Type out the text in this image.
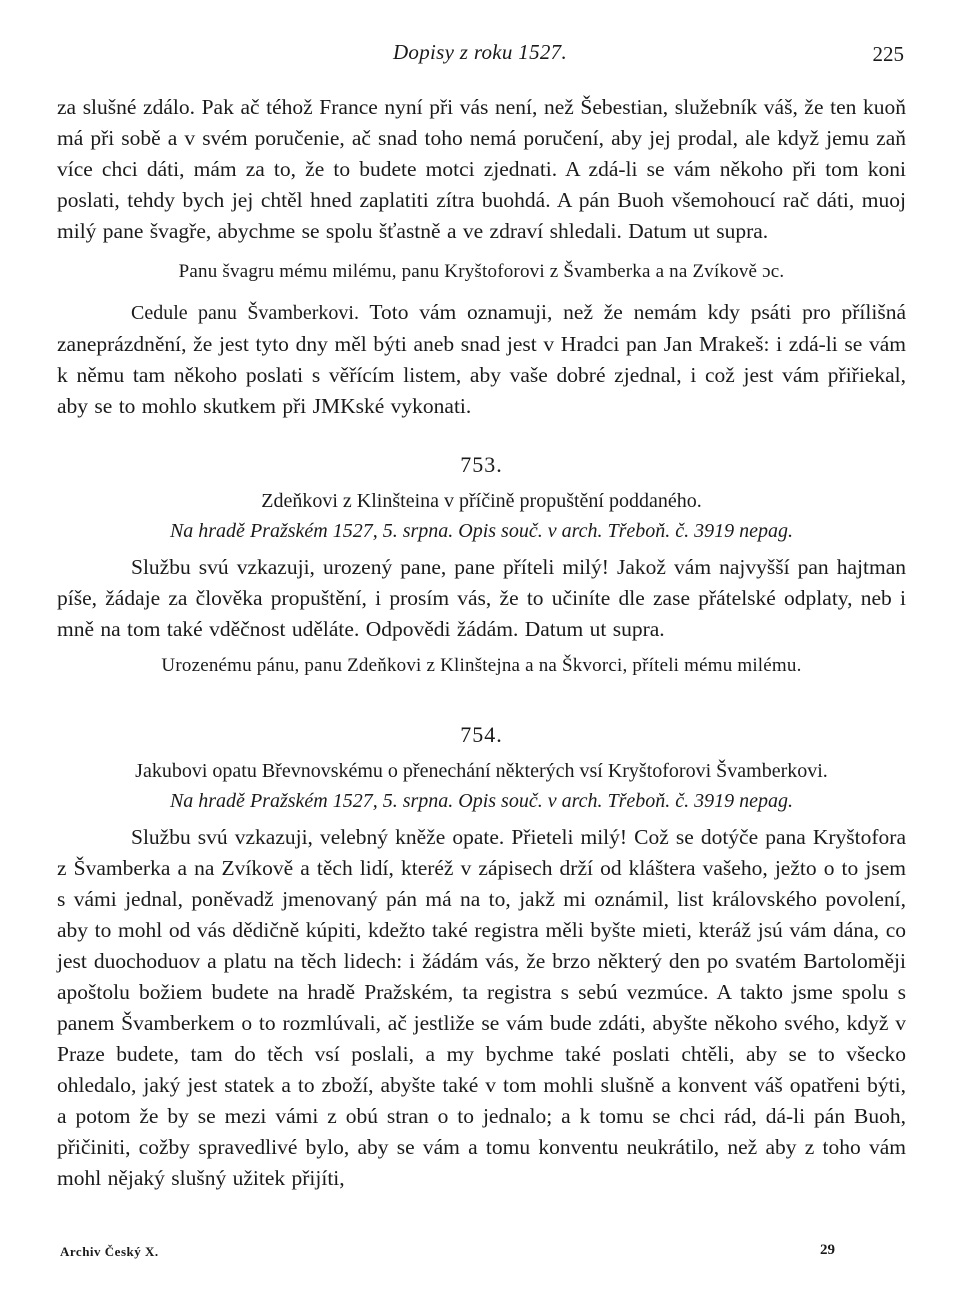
Dopisy z roku 1527.	225

za slušné zdálo. Pak ač téhož France nyní při vás není, než Šebestian, služebník váš, že ten kuoň má při sobě a v svém poručenie, ač snad toho nemá poručení, aby jej prodal, ale když jemu zaň více chci dáti, mám za to, že to budete motci zjednati. A zdá-li se vám někoho při tom koni poslati, tehdy bych jej chtěl hned zaplatiti zítra buohdá. A pán Buoh všemohoucí rač dáti, muoj milý pane švagře, abychme se spolu šťastně a ve zdraví shledali. Datum ut supra.

Panu švagru mému milému, panu Kryštoforovi z Švamberka a na Zvíkově ɔc.

Cedule panu Švamberkovi. Toto vám oznamuji, než že nemám kdy psáti pro přílišná zaneprázdnění, že jest tyto dny měl býti aneb snad jest v Hradci pan Jan Mrakeš: i zdá-li se vám k němu tam někoho poslati s věřícím listem, aby vaše dobré zjednal, i což jest vám přiřiekal, aby se to mohlo skutkem při JMKské vykonati.

753.

Zdeňkovi z Klinšteina v příčině propuštění poddaného.

Na hradě Pražském 1527, 5. srpna. Opis souč. v arch. Třeboň. č. 3919 nepag.

Službu svú vzkazuji, urozený pane, pane příteli milý! Jakož vám najvyšší pan hajtman píše, žádaje za člověka propuštění, i prosím vás, že to učiníte dle zase přátelské odplaty, neb i mně na tom také vděčnost uděláte. Odpovědi žádám. Datum ut supra.

Urozenému pánu, panu Zdeňkovi z Klinštejna a na Škvorci, příteli mému milému.

754.

Jakubovi opatu Břevnovskému o přenechání některých vsí Kryštoforovi Švamberkovi.

Na hradě Pražském 1527, 5. srpna. Opis souč. v arch. Třeboň. č. 3919 nepag.

Službu svú vzkazuji, velebný kněže opate. Přieteli milý! Což se dotýče pana Kryštofora z Švamberka a na Zvíkově a těch lidí, kteréž v zápisech drží od kláštera vašeho, ježto o to jsem s vámi jednal, poněvadž jmenovaný pán má na to, jakž mi oznámil, list královského povolení, aby to mohl od vás dědičně kúpiti, kdežto také registra měli byšte mieti, kteráž jsú vám dána, co jest duochoduov a platu na těch lidech: i žádám vás, že brzo některý den po svatém Bartoloměji apoštolu božiem budete na hradě Pražském, ta registra s sebú vezmúce. A takto jsme spolu s panem Švamberkem o to rozmlúvali, ač jestliže se vám bude zdáti, abyšte někoho svého, když v Praze budete, tam do těch vsí poslali, a my bychme také poslati chtěli, aby se to všecko ohledalo, jaký jest statek a to zboží, abyšte také v tom mohli slušně a konvent váš opatřeni býti, a potom že by se mezi vámi z obú stran o to jednalo; a k tomu se chci rád, dá-li pán Buoh, přičiniti, cožby spravedlivé bylo, aby se vám a tomu konventu neukrátilo, než aby z toho vám mohl nějaký slušný užitek přijíti,

Archiv Český X.	29
